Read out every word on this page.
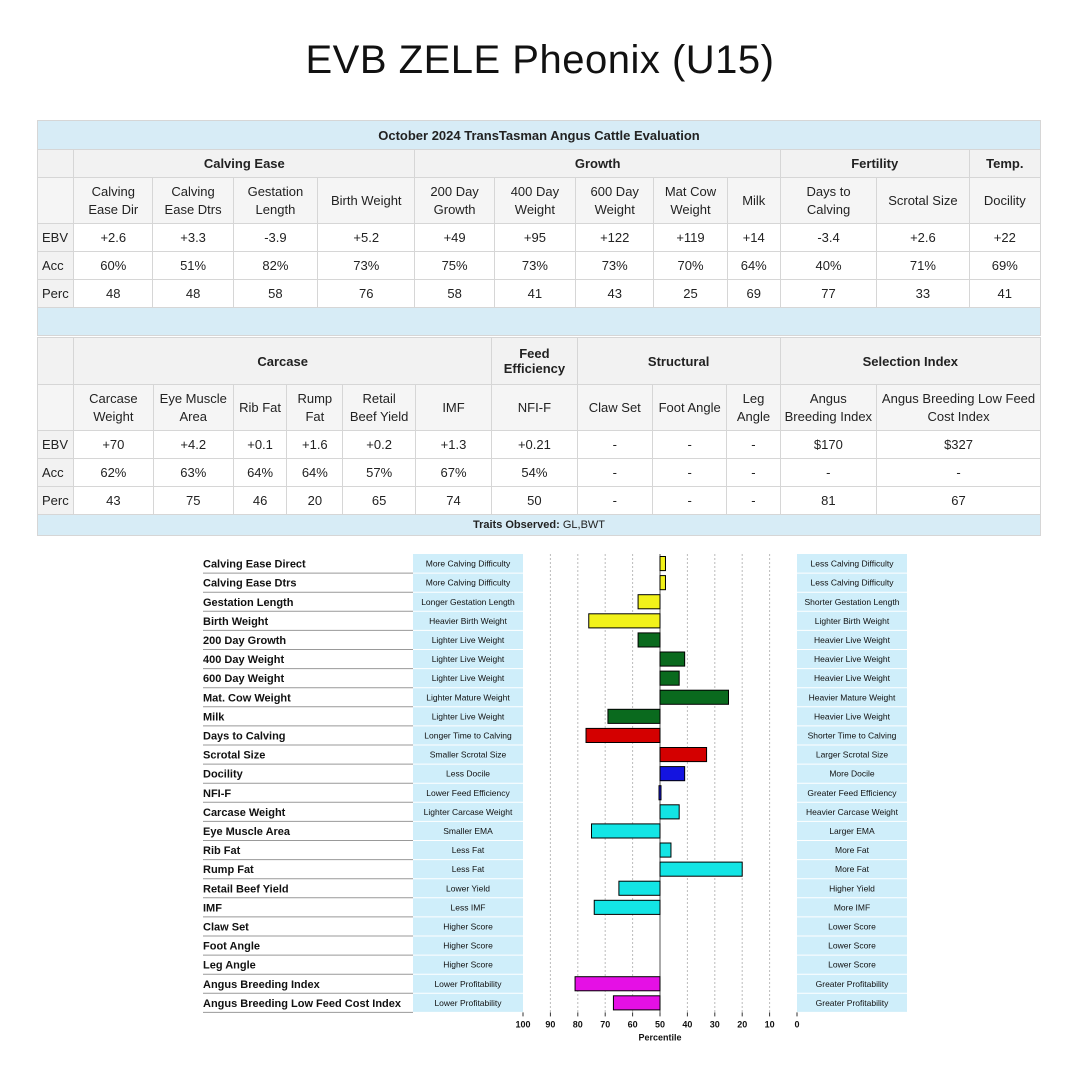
EVB ZELE Pheonix (U15)
October 2024 TransTasman Angus Cattle Evaluation												
	Calving Ease				Growth					Fertility		Temp.
	Calving
Ease Dir	Calving
Ease Dtrs	Gestation
Length	Birth Weight	200 Day
Growth	400 Day
Weight	600 Day
Weight	Mat Cow
Weight	Milk	Days to
Calving	Scrotal Size	Docility
EBV	+2.6	+3.3	-3.9	+5.2	+49	+95	+122	+119	+14	-3.4	+2.6	+22
Acc	60%	51%	82%	73%	75%	73%	73%	70%	64%	40%	71%	69%
Perc	48	48	58	76	58	41	43	25	69	77	33	41

	Carcase						Feed Efficiency	Structural			Selection Index	
	Carcase
Weight	Eye Muscle
Area	Rib Fat	Rump
Fat	Retail
Beef Yield	IMF	NFI-F	Claw Set	Foot Angle	Leg
Angle	Angus
Breeding Index	Angus Breeding Low Feed
Cost Index
EBV	+70	+4.2	+0.1	+1.6	+0.2	+1.3	+0.21	-	-	-	$170	$327
Acc	62%	63%	64%	64%	57%	67%	54%	-	-	-	-	-
Perc	43	75	46	20	65	74	50	-	-	-	81	67
Traits Observed: GL,BWT												
Calving Ease Direct	More Calving Difficulty	Less Calving Difficulty
Calving Ease Dtrs	More Calving Difficulty	Less Calving Difficulty
Gestation Length	Longer Gestation Length	Shorter Gestation Length
Birth Weight	Heavier Birth Weight	Lighter Birth Weight
200 Day Growth	Lighter Live Weight	Heavier Live Weight
400 Day Weight	Lighter Live Weight	Heavier Live Weight
600 Day Weight	Lighter Live Weight	Heavier Live Weight
Mat. Cow Weight	Lighter Mature Weight	Heavier Mature Weight
Milk	Lighter Live Weight	Heavier Live Weight
Days to Calving	Longer Time to Calving	Shorter Time to Calving
Scrotal Size	Smaller Scrotal Size	Larger Scrotal Size
Docility	Less Docile	More Docile
NFI-F	Lower Feed Efficiency	Greater Feed Efficiency
Carcase Weight	Lighter Carcase Weight	Heavier Carcase Weight
Eye Muscle Area	Smaller EMA	Larger EMA
Rib Fat	Less Fat	More Fat
Rump Fat	Less Fat	More Fat
Retail Beef Yield	Lower Yield	Higher Yield
IMF	Less IMF	More IMF
Claw Set	Higher Score	Lower Score
Foot Angle	Higher Score	Lower Score
Leg Angle	Higher Score	Lower Score
Angus Breeding Index	Lower Profitability	Greater Profitability
Angus Breeding Low Feed Cost Index	Lower Profitability	Greater Profitability
100 90 80 70 60 50 40 30 20 10 0
Percentile
